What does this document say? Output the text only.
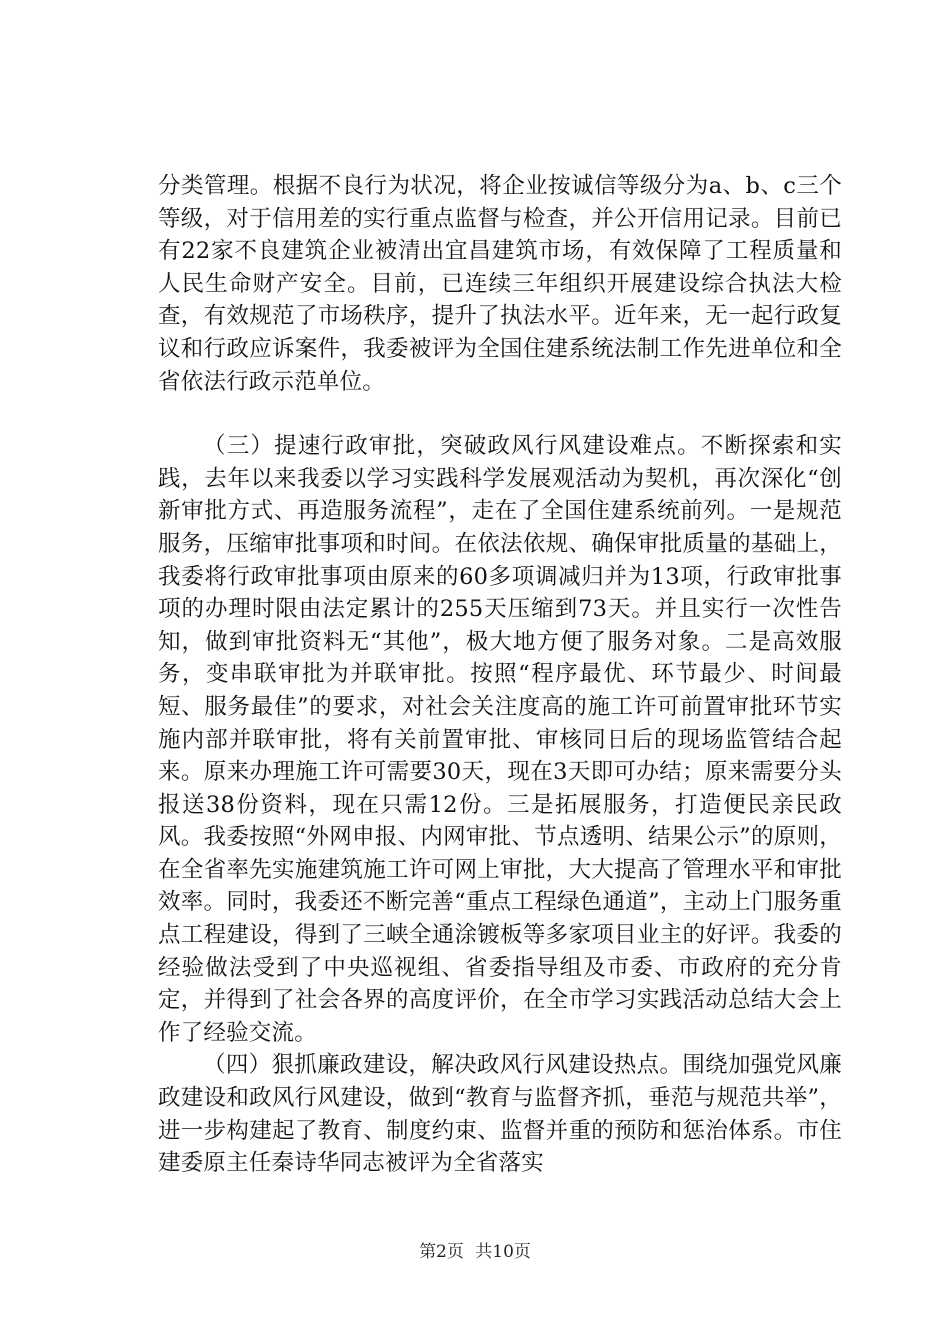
分类管理。根据不良行为状况，将企业按诚信等级分为a、b、c三个等级，对于信用差的实行重点监督与检查，并公开信用记录。目前已有22家不良建筑企业被清出宜昌建筑市场，有效保障了工程质量和人民生命财产安全。目前，已连续三年组织开展建设综合执法大检查，有效规范了市场秩序，提升了执法水平。近年来，无一起行政复议和行政应诉案件，我委被评为全国住建系统法制工作先进单位和全省依法行政示范单位。

（三）提速行政审批，突破政风行风建设难点。不断探索和实践，去年以来我委以学习实践科学发展观活动为契机，再次深化“创新审批方式、再造服务流程”，走在了全国住建系统前列。一是规范服务，压缩审批事项和时间。在依法依规、确保审批质量的基础上，我委将行政审批事项由原来的60多项调减归并为13项，行政审批事项的办理时限由法定累计的255天压缩到73天。并且实行一次性告知，做到审批资料无“其他”，极大地方便了服务对象。二是高效服务，变串联审批为并联审批。按照“程序最优、环节最少、时间最短、服务最佳”的要求，对社会关注度高的施工许可前置审批环节实施内部并联审批，将有关前置审批、审核同日后的现场监管结合起来。原来办理施工许可需要30天，现在3天即可办结；原来需要分头报送38份资料，现在只需12份。三是拓展服务，打造便民亲民政风。我委按照“外网申报、内网审批、节点透明、结果公示”的原则，在全省率先实施建筑施工许可网上审批，大大提高了管理水平和审批效率。同时，我委还不断完善“重点工程绿色通道”，主动上门服务重点工程建设，得到了三峡全通涂镀板等多家项目业主的好评。我委的经验做法受到了中央巡视组、省委指导组及市委、市政府的充分肯定，并得到了社会各界的高度评价，在全市学习实践活动总结大会上作了经验交流。

（四）狠抓廉政建设，解决政风行风建设热点。围绕加强党风廉政建设和政风行风建设，做到“教育与监督齐抓，垂范与规范共举”，进一步构建起了教育、制度约束、监督并重的预防和惩治体系。市住建委原主任秦诗华同志被评为全省落实

第2页 共10页
